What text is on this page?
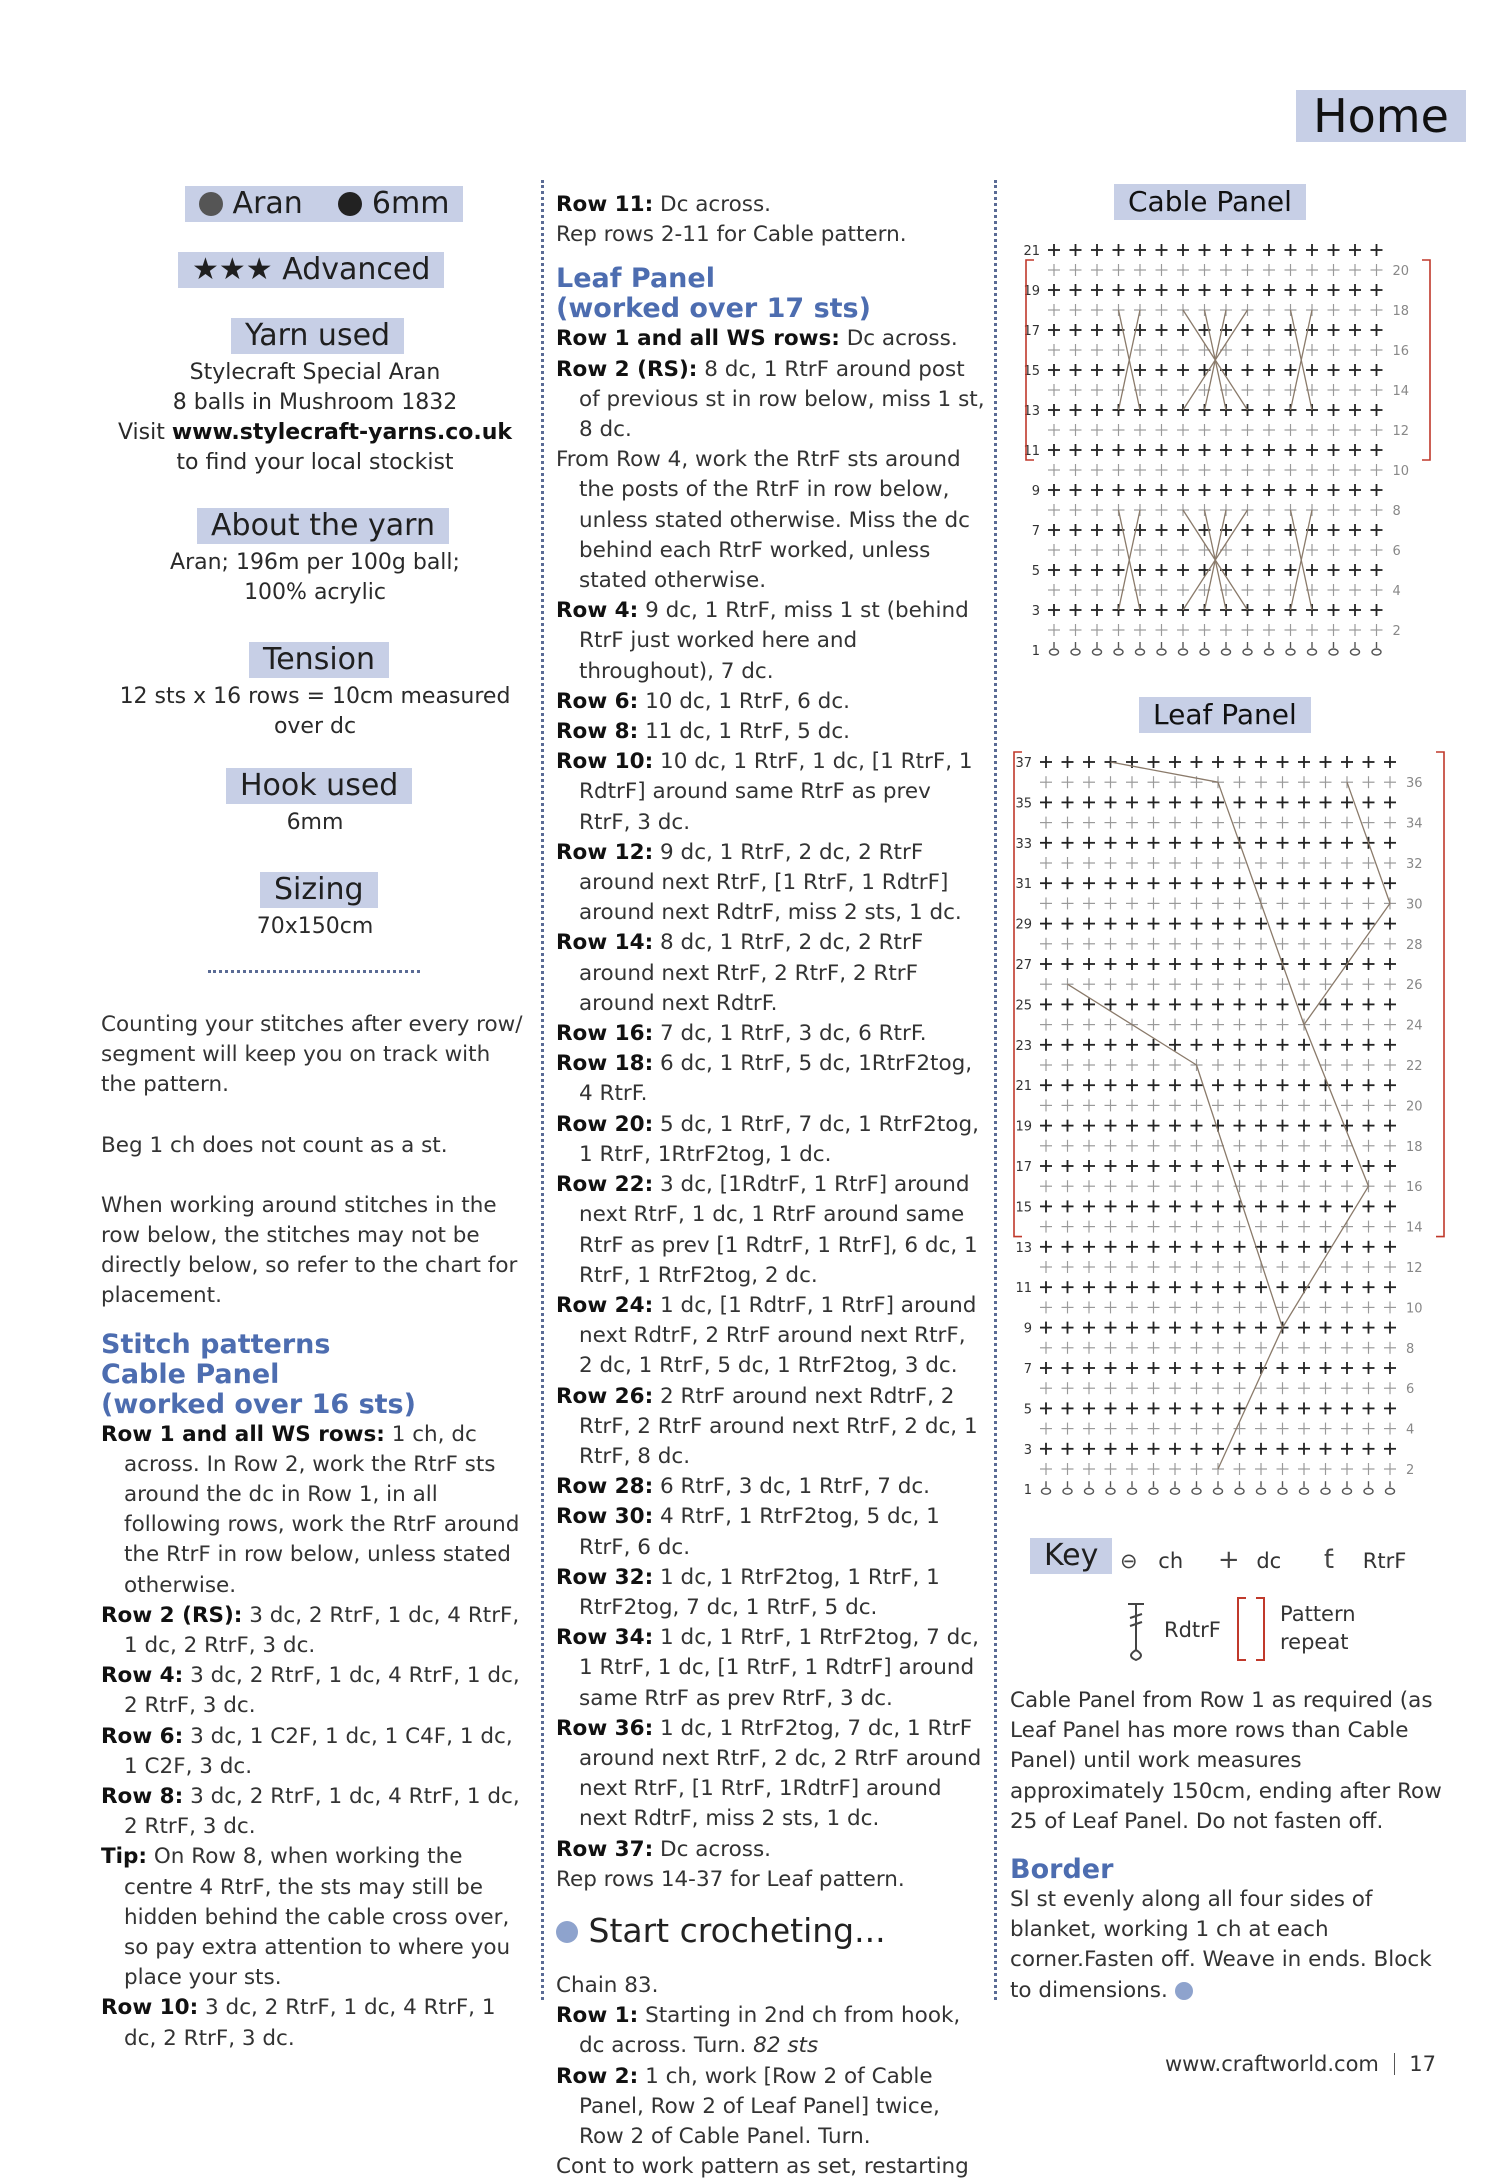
Home
Aran 6mm
★★★ Advanced
Yarn used
Stylecraft Special Aran
8 balls in Mushroom 1832
Visit www.stylecraft-yarns.co.uk
to find your local stockist
About the yarn
Aran; 196m per 100g ball;
100% acrylic
Tension
12 sts x 16 rows = 10cm measured
over dc
Hook used
6mm
Sizing
70x150cm

Counting your stitches after every row/ segment will keep you on track with the pattern.

Beg 1 ch does not count as a st.

When working around stitches in the row below, the stitches may not be directly below, so refer to the chart for placement.

Stitch patterns

Cable Panel

(worked over 16 sts)

Row 1 and all WS rows: 1 ch, dc across. In Row 2, work the RtrF sts around the dc in Row 1, in all following rows, work the RtrF around the RtrF in row below, unless stated otherwise.

Row 2 (RS): 3 dc, 2 RtrF, 1 dc, 4 RtrF, 1 dc, 2 RtrF, 3 dc.

Row 4: 3 dc, 2 RtrF, 1 dc, 4 RtrF, 1 dc, 2 RtrF, 3 dc.

Row 6: 3 dc, 1 C2F, 1 dc, 1 C4F, 1 dc, 1 C2F, 3 dc.

Row 8: 3 dc, 2 RtrF, 1 dc, 4 RtrF, 1 dc, 2 RtrF, 3 dc.

Tip: On Row 8, when working the centre 4 RtrF, the sts may still be hidden behind the cable cross over, so pay extra attention to where you place your sts.

Row 10: 3 dc, 2 RtrF, 1 dc, 4 RtrF, 1 dc, 2 RtrF, 3 dc.

Row 11: Dc across.

Rep rows 2-11 for Cable pattern.

Leaf Panel

(worked over 17 sts)

Row 1 and all WS rows: Dc across.

Row 2 (RS): 8 dc, 1 RtrF around post of previous st in row below, miss 1 st, 8 dc.

From Row 4, work the RtrF sts around the posts of the RtrF in row below, unless stated otherwise. Miss the dc behind each RtrF worked, unless stated otherwise.

Row 4: 9 dc, 1 RtrF, miss 1 st (behind RtrF just worked here and throughout), 7 dc.

Row 6: 10 dc, 1 RtrF, 6 dc.

Row 8: 11 dc, 1 RtrF, 5 dc.

Row 10: 10 dc, 1 RtrF, 1 dc, [1 RtrF, 1 RdtrF] around same RtrF as prev RtrF, 3 dc.

Row 12: 9 dc, 1 RtrF, 2 dc, 2 RtrF around next RtrF, [1 RtrF, 1 RdtrF] around next RdtrF, miss 2 sts, 1 dc.

Row 14: 8 dc, 1 RtrF, 2 dc, 2 RtrF around next RtrF, 2 RtrF, 2 RtrF around next RdtrF.

Row 16: 7 dc, 1 RtrF, 3 dc, 6 RtrF.

Row 18: 6 dc, 1 RtrF, 5 dc, 1RtrF2tog, 4 RtrF.

Row 20: 5 dc, 1 RtrF, 7 dc, 1 RtrF2tog, 1 RtrF, 1RtrF2tog, 1 dc.

Row 22: 3 dc, [1RdtrF, 1 RtrF] around next RtrF, 1 dc, 1 RtrF around same RtrF as prev [1 RdtrF, 1 RtrF], 6 dc, 1 RtrF, 1 RtrF2tog, 2 dc.

Row 24: 1 dc, [1 RdtrF, 1 RtrF] around next RdtrF, 2 RtrF around next RtrF, 2 dc, 1 RtrF, 5 dc, 1 RtrF2tog, 3 dc.

Row 26: 2 RtrF around next RdtrF, 2 RtrF, 2 RtrF around next RtrF, 2 dc, 1 RtrF, 8 dc.

Row 28: 6 RtrF, 3 dc, 1 RtrF, 7 dc.

Row 30: 4 RtrF, 1 RtrF2tog, 5 dc, 1 RtrF, 6 dc.

Row 32: 1 dc, 1 RtrF2tog, 1 RtrF, 1 RtrF2tog, 7 dc, 1 RtrF, 5 dc.

Row 34: 1 dc, 1 RtrF, 1 RtrF2tog, 7 dc, 1 RtrF, 1 dc, [1 RtrF, 1 RdtrF] around same RtrF as prev RtrF, 3 dc.

Row 36: 1 dc, 1 RtrF2tog, 7 dc, 1 RtrF around next RtrF, 2 dc, 2 RtrF around next RtrF, [1 RtrF, 1RdtrF] around next RdtrF, miss 2 sts, 1 dc.

Row 37: Dc across.

Rep rows 14-37 for Leaf pattern.

Start crocheting...

Chain 83.

Row 1: Starting in 2nd ch from hook, dc across. Turn. 82 sts

Row 2: 1 ch, work [Row 2 of Cable Panel, Row 2 of Leaf Panel] twice, Row 2 of Cable Panel. Turn.

Cont to work pattern as set, restarting

Cable Panel
21
19
17
15
13
11
9
7
5
3
1
20
18
16
14
12
10
8
6
4
2
Leaf Panel
37
35
33
31
29
27
25
23
21
19
17
15
13
11
9
7
5
3
1
36
34
32
30
28
26
24
22
20
18
16
14
12
10
8
6
4
2
Key	⊖ ch + dc ƭ RtrF
RdtrF
Pattern
repeat

Cable Panel from Row 1 as required (as Leaf Panel has more rows than Cable Panel) until work measures approximately 150cm, ending after Row 25 of Leaf Panel. Do not fasten off.

Border

Sl st evenly along all four sides of blanket, working 1 ch at each corner.Fasten off. Weave in ends. Block to dimensions.

www.craftworld.com 17
